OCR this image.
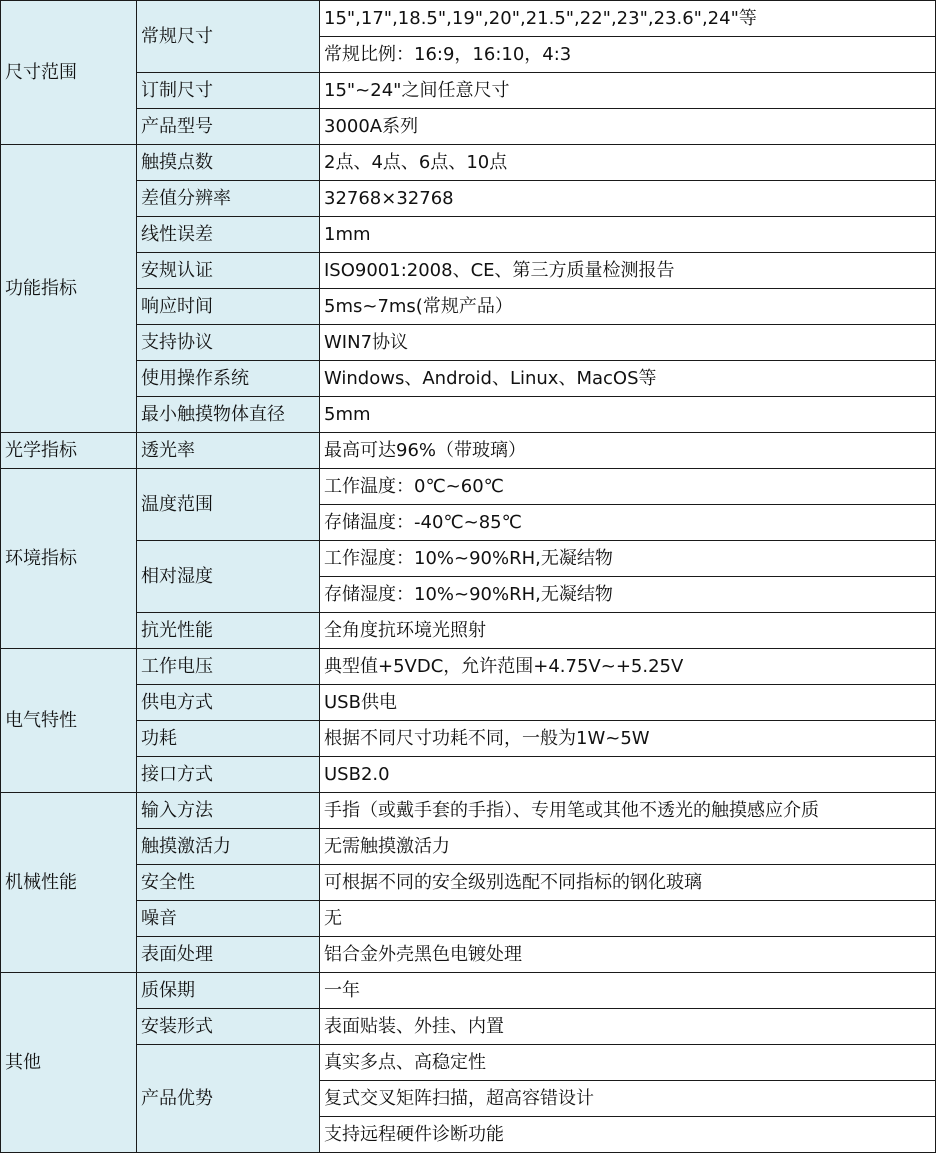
尺寸范围	常规尺寸	15",17",18.5",19",20",21.5",22",23",23.6",24"等
		常规比例：16:9，16:10，4:3
	订制尺寸	15"~24"之间任意尺寸
	产品型号	3000A系列
功能指标	触摸点数	2点、4点、6点、10点
	差值分辨率	32768×32768
	线性误差	1mm
	安规认证	ISO9001:2008、CE、第三方质量检测报告
	响应时间	5ms~7ms(常规产品）
	支持协议	WIN7协议
	使用操作系统	Windows、Android、Linux、MacOS等
	最小触摸物体直径	5mm
光学指标	透光率	最高可达96%（带玻璃）
环境指标	温度范围	工作温度：0℃~60℃
		存储温度：-40℃~85℃
	相对湿度	工作湿度：10%~90%RH,无凝结物
		存储湿度：10%~90%RH,无凝结物
	抗光性能	全角度抗环境光照射
电气特性	工作电压	典型值+5VDC，允许范围+4.75V~+5.25V
	供电方式	USB供电
	功耗	根据不同尺寸功耗不同，一般为1W~5W
	接口方式	USB2.0
机械性能	输入方法	手指（或戴手套的手指）、专用笔或其他不透光的触摸感应介质
	触摸激活力	无需触摸激活力
	安全性	可根据不同的安全级别选配不同指标的钢化玻璃
	噪音	无
	表面处理	铝合金外壳黑色电镀处理
其他	质保期	一年
	安装形式	表面贴装、外挂、内置
	产品优势	真实多点、高稳定性
		复式交叉矩阵扫描，超高容错设计
		支持远程硬件诊断功能
